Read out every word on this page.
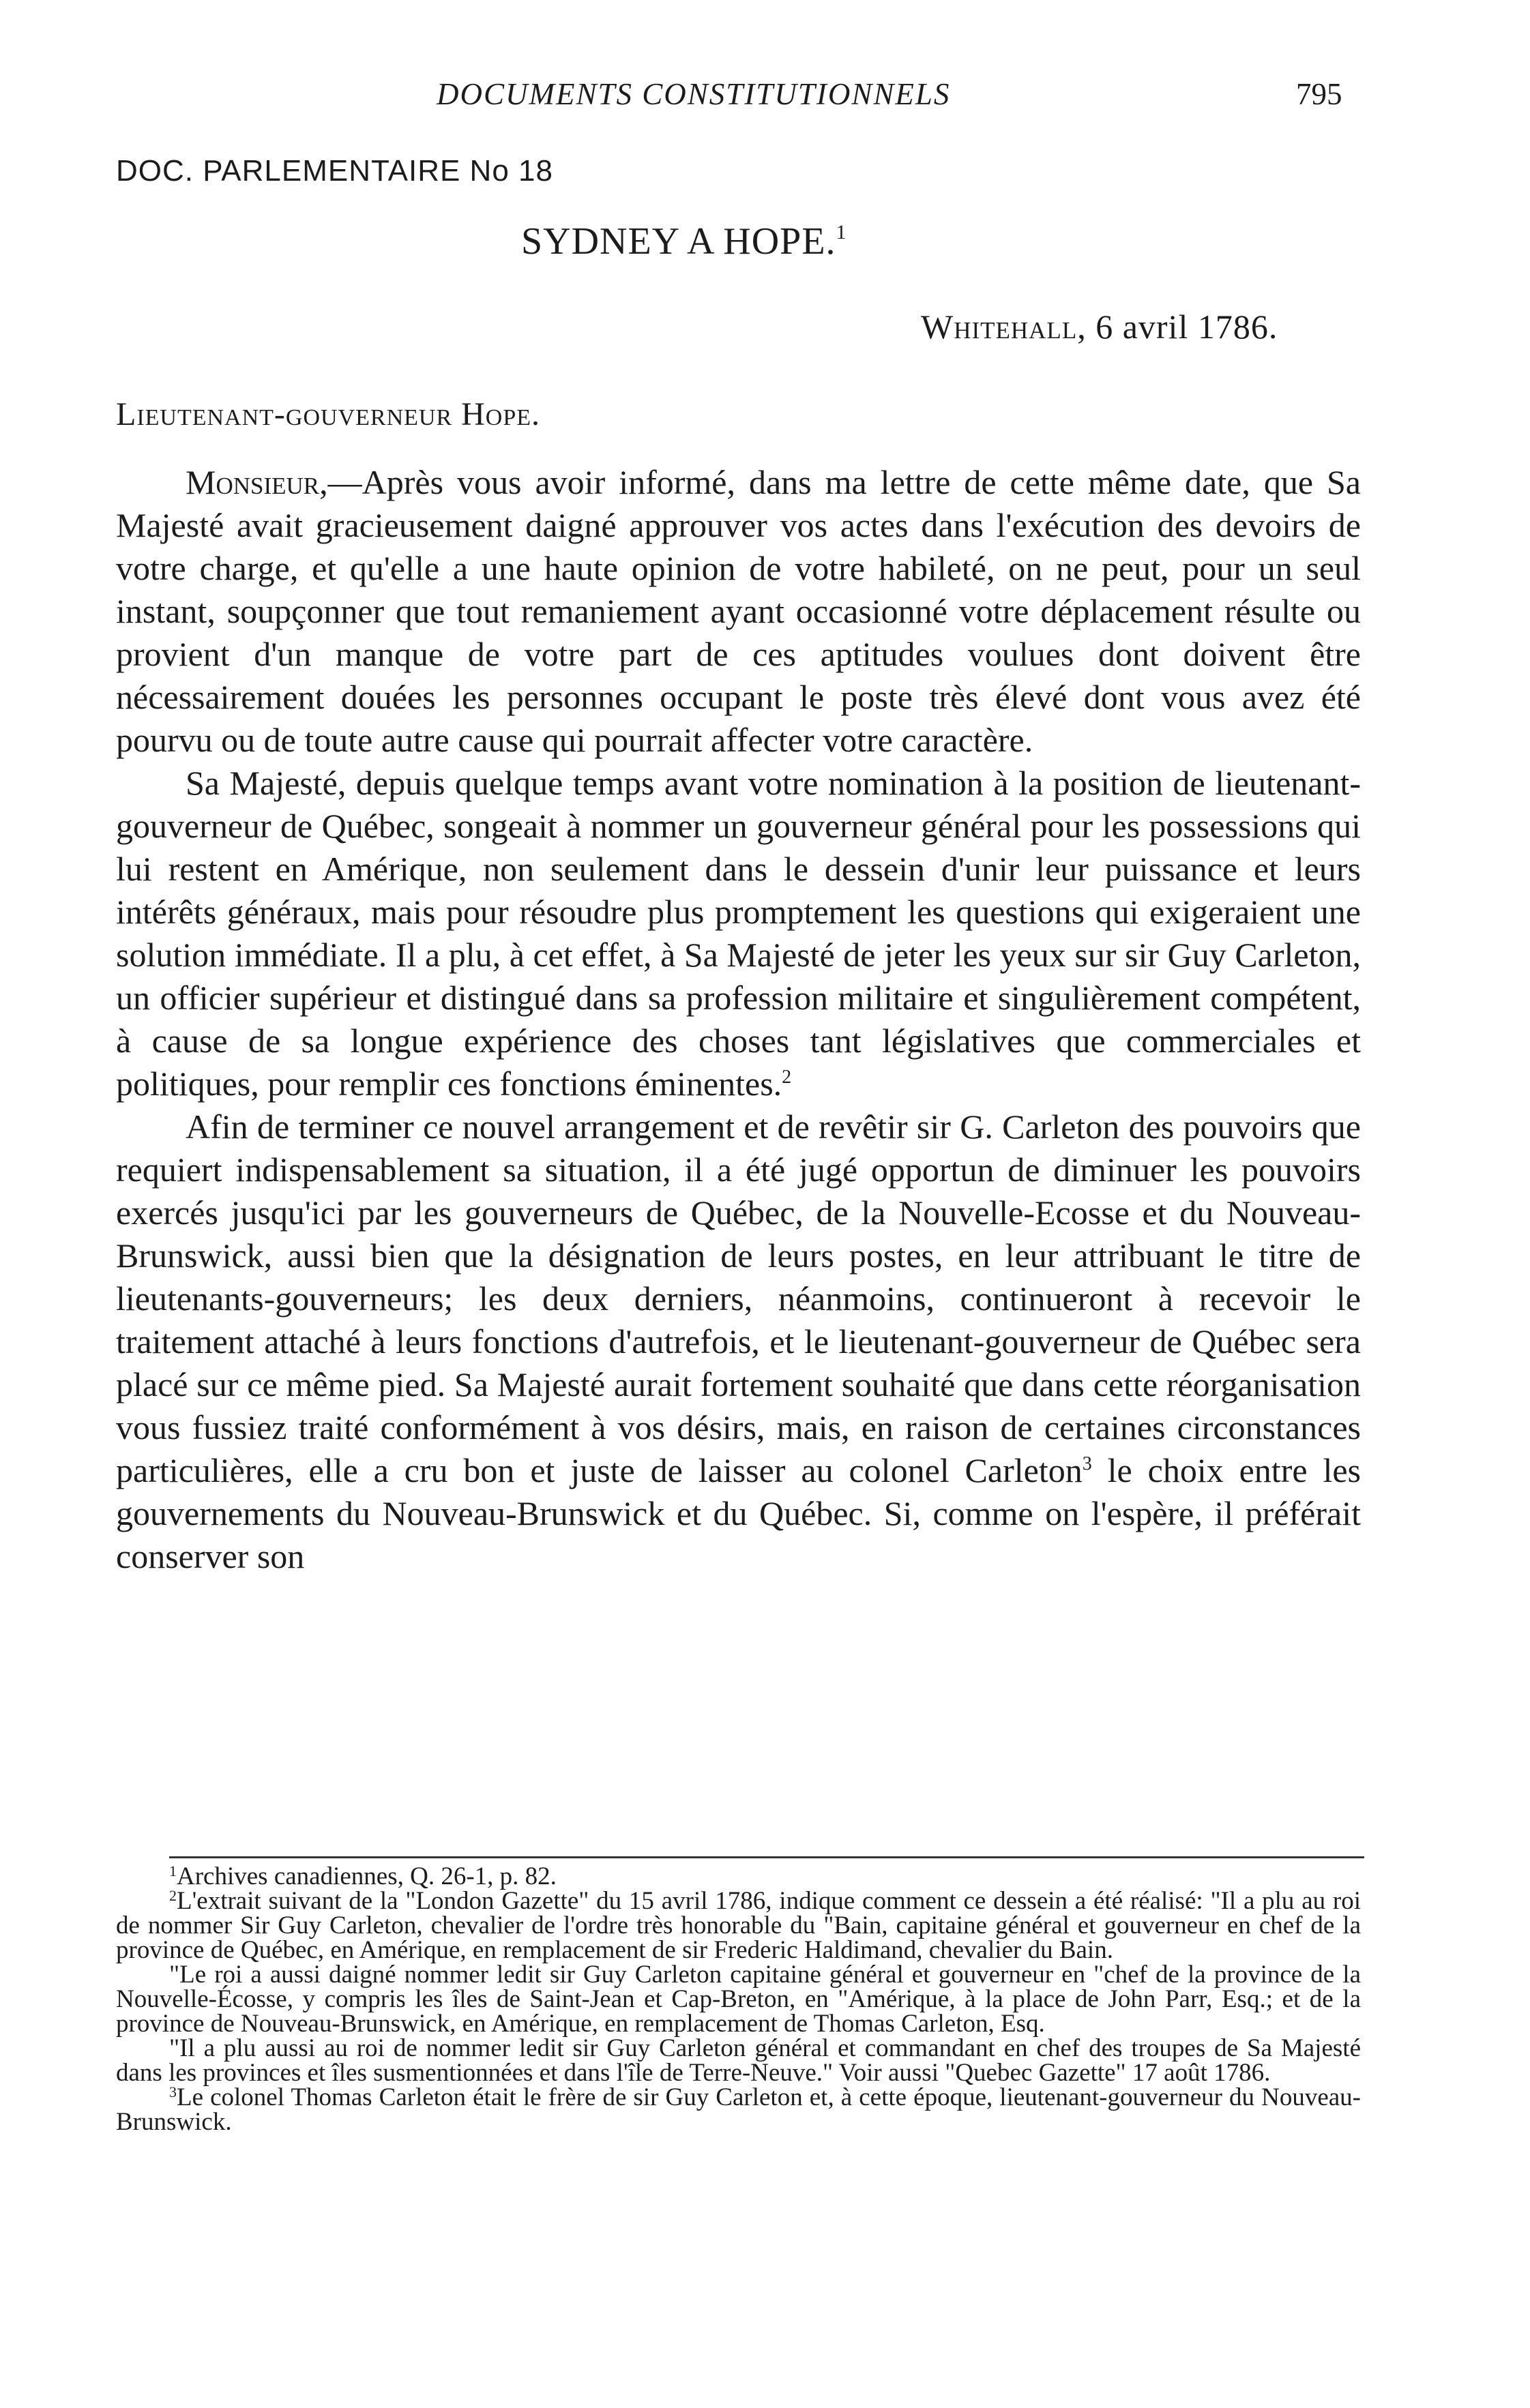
DOCUMENTS CONSTITUTIONNELS	795
DOC. PARLEMENTAIRE No 18
SYDNEY A HOPE.$^1$
Whitehall, 6 avril 1786.
Lieutenant-gouverneur Hope.

Monsieur,—Après vous avoir informé, dans ma lettre de cette même date, que Sa Majesté avait gracieusement daigné approuver vos actes dans l'exécution des devoirs de votre charge, et qu'elle a une haute opinion de votre habileté, on ne peut, pour un seul instant, soupçonner que tout remaniement ayant occasionné votre déplacement résulte ou provient d'un manque de votre part de ces aptitudes voulues dont doivent être nécessairement douées les personnes occupant le poste très élevé dont vous avez été pourvu ou de toute autre cause qui pourrait affecter votre caractère.

Sa Majesté, depuis quelque temps avant votre nomination à la position de lieutenant-gouverneur de Québec, songeait à nommer un gouverneur général pour les possessions qui lui restent en Amérique, non seulement dans le dessein d'unir leur puissance et leurs intérêts généraux, mais pour résoudre plus promptement les questions qui exigeraient une solution immédiate. Il a plu, à cet effet, à Sa Majesté de jeter les yeux sur sir Guy Carleton, un officier supérieur et distingué dans sa profession militaire et singulièrement compétent, à cause de sa longue expérience des choses tant législatives que commerciales et politiques, pour remplir ces fonctions éminentes.$^2$

Afin de terminer ce nouvel arrangement et de revêtir sir G. Carleton des pouvoirs que requiert indispensablement sa situation, il a été jugé opportun de diminuer les pouvoirs exercés jusqu'ici par les gouverneurs de Québec, de la Nouvelle-Ecosse et du Nouveau-Brunswick, aussi bien que la désignation de leurs postes, en leur attribuant le titre de lieutenants-gouverneurs; les deux derniers, néanmoins, continueront à recevoir le traitement attaché à leurs fonctions d'autrefois, et le lieutenant-gouverneur de Québec sera placé sur ce même pied. Sa Majesté aurait fortement souhaité que dans cette réorganisation vous fussiez traité conformément à vos désirs, mais, en raison de certaines circonstances particulières, elle a cru bon et juste de laisser au colonel Carleton$^3$ le choix entre les gouvernements du Nouveau-Brunswick et du Québec. Si, comme on l'espère, il préférait conserver son

$^1$Archives canadiennes, Q. 26-1, p. 82.

$^2$L'extrait suivant de la "London Gazette" du 15 avril 1786, indique comment ce dessein a été réalisé: "Il a plu au roi de nommer Sir Guy Carleton, chevalier de l'ordre très honorable du "Bain, capitaine général et gouverneur en chef de la province de Québec, en Amérique, en remplacement de sir Frederic Haldimand, chevalier du Bain.

"Le roi a aussi daigné nommer ledit sir Guy Carleton capitaine général et gouverneur en "chef de la province de la Nouvelle-Écosse, y compris les îles de Saint-Jean et Cap-Breton, en "Amérique, à la place de John Parr, Esq.; et de la province de Nouveau-Brunswick, en Amérique, en remplacement de Thomas Carleton, Esq.

"Il a plu aussi au roi de nommer ledit sir Guy Carleton général et commandant en chef des troupes de Sa Majesté dans les provinces et îles susmentionnées et dans l'île de Terre-Neuve." Voir aussi "Quebec Gazette" 17 août 1786.

$^3$Le colonel Thomas Carleton était le frère de sir Guy Carleton et, à cette époque, lieutenant-gouverneur du Nouveau-Brunswick.
